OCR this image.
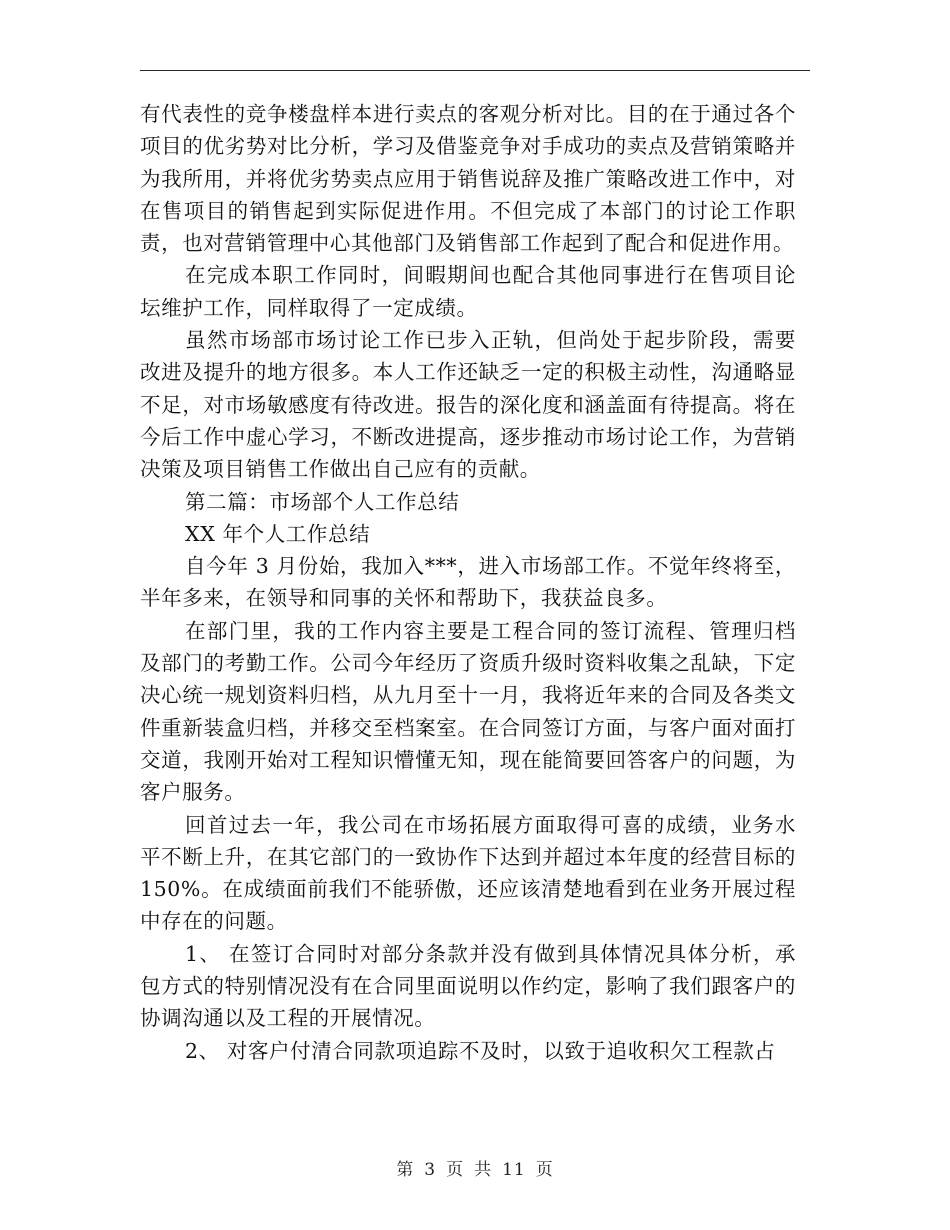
有代表性的竞争楼盘样本进行卖点的客观分析对比。目的在于通过各个项目的优劣势对比分析，学习及借鉴竞争对手成功的卖点及营销策略并为我所用，并将优劣势卖点应用于销售说辞及推广策略改进工作中，对在售项目的销售起到实际促进作用。不但完成了本部门的讨论工作职责，也对营销管理中心其他部门及销售部工作起到了配合和促进作用。

在完成本职工作同时，间暇期间也配合其他同事进行在售项目论坛维护工作，同样取得了一定成绩。

虽然市场部市场讨论工作已步入正轨，但尚处于起步阶段，需要改进及提升的地方很多。本人工作还缺乏一定的积极主动性，沟通略显不足，对市场敏感度有待改进。报告的深化度和涵盖面有待提高。将在今后工作中虚心学习，不断改进提高，逐步推动市场讨论工作，为营销决策及项目销售工作做出自己应有的贡献。

第二篇：市场部个人工作总结

XX 年个人工作总结

自今年 3 月份始，我加入***，进入市场部工作。不觉年终将至，半年多来，在领导和同事的关怀和帮助下，我获益良多。

在部门里，我的工作内容主要是工程合同的签订流程、管理归档及部门的考勤工作。公司今年经历了资质升级时资料收集之乱缺，下定决心统一规划资料归档，从九月至十一月，我将近年来的合同及各类文件重新装盒归档，并移交至档案室。在合同签订方面，与客户面对面打交道，我刚开始对工程知识懵懂无知，现在能简要回答客户的问题，为客户服务。

回首过去一年，我公司在市场拓展方面取得可喜的成绩，业务水平不断上升，在其它部门的一致协作下达到并超过本年度的经营目标的 150%。在成绩面前我们不能骄傲，还应该清楚地看到在业务开展过程中存在的问题。

1、 在签订合同时对部分条款并没有做到具体情况具体分析，承包方式的特别情况没有在合同里面说明以作约定，影响了我们跟客户的协调沟通以及工程的开展情况。

2、 对客户付清合同款项追踪不及时，以致于追收积欠工程款占

第 3 页 共 11 页
